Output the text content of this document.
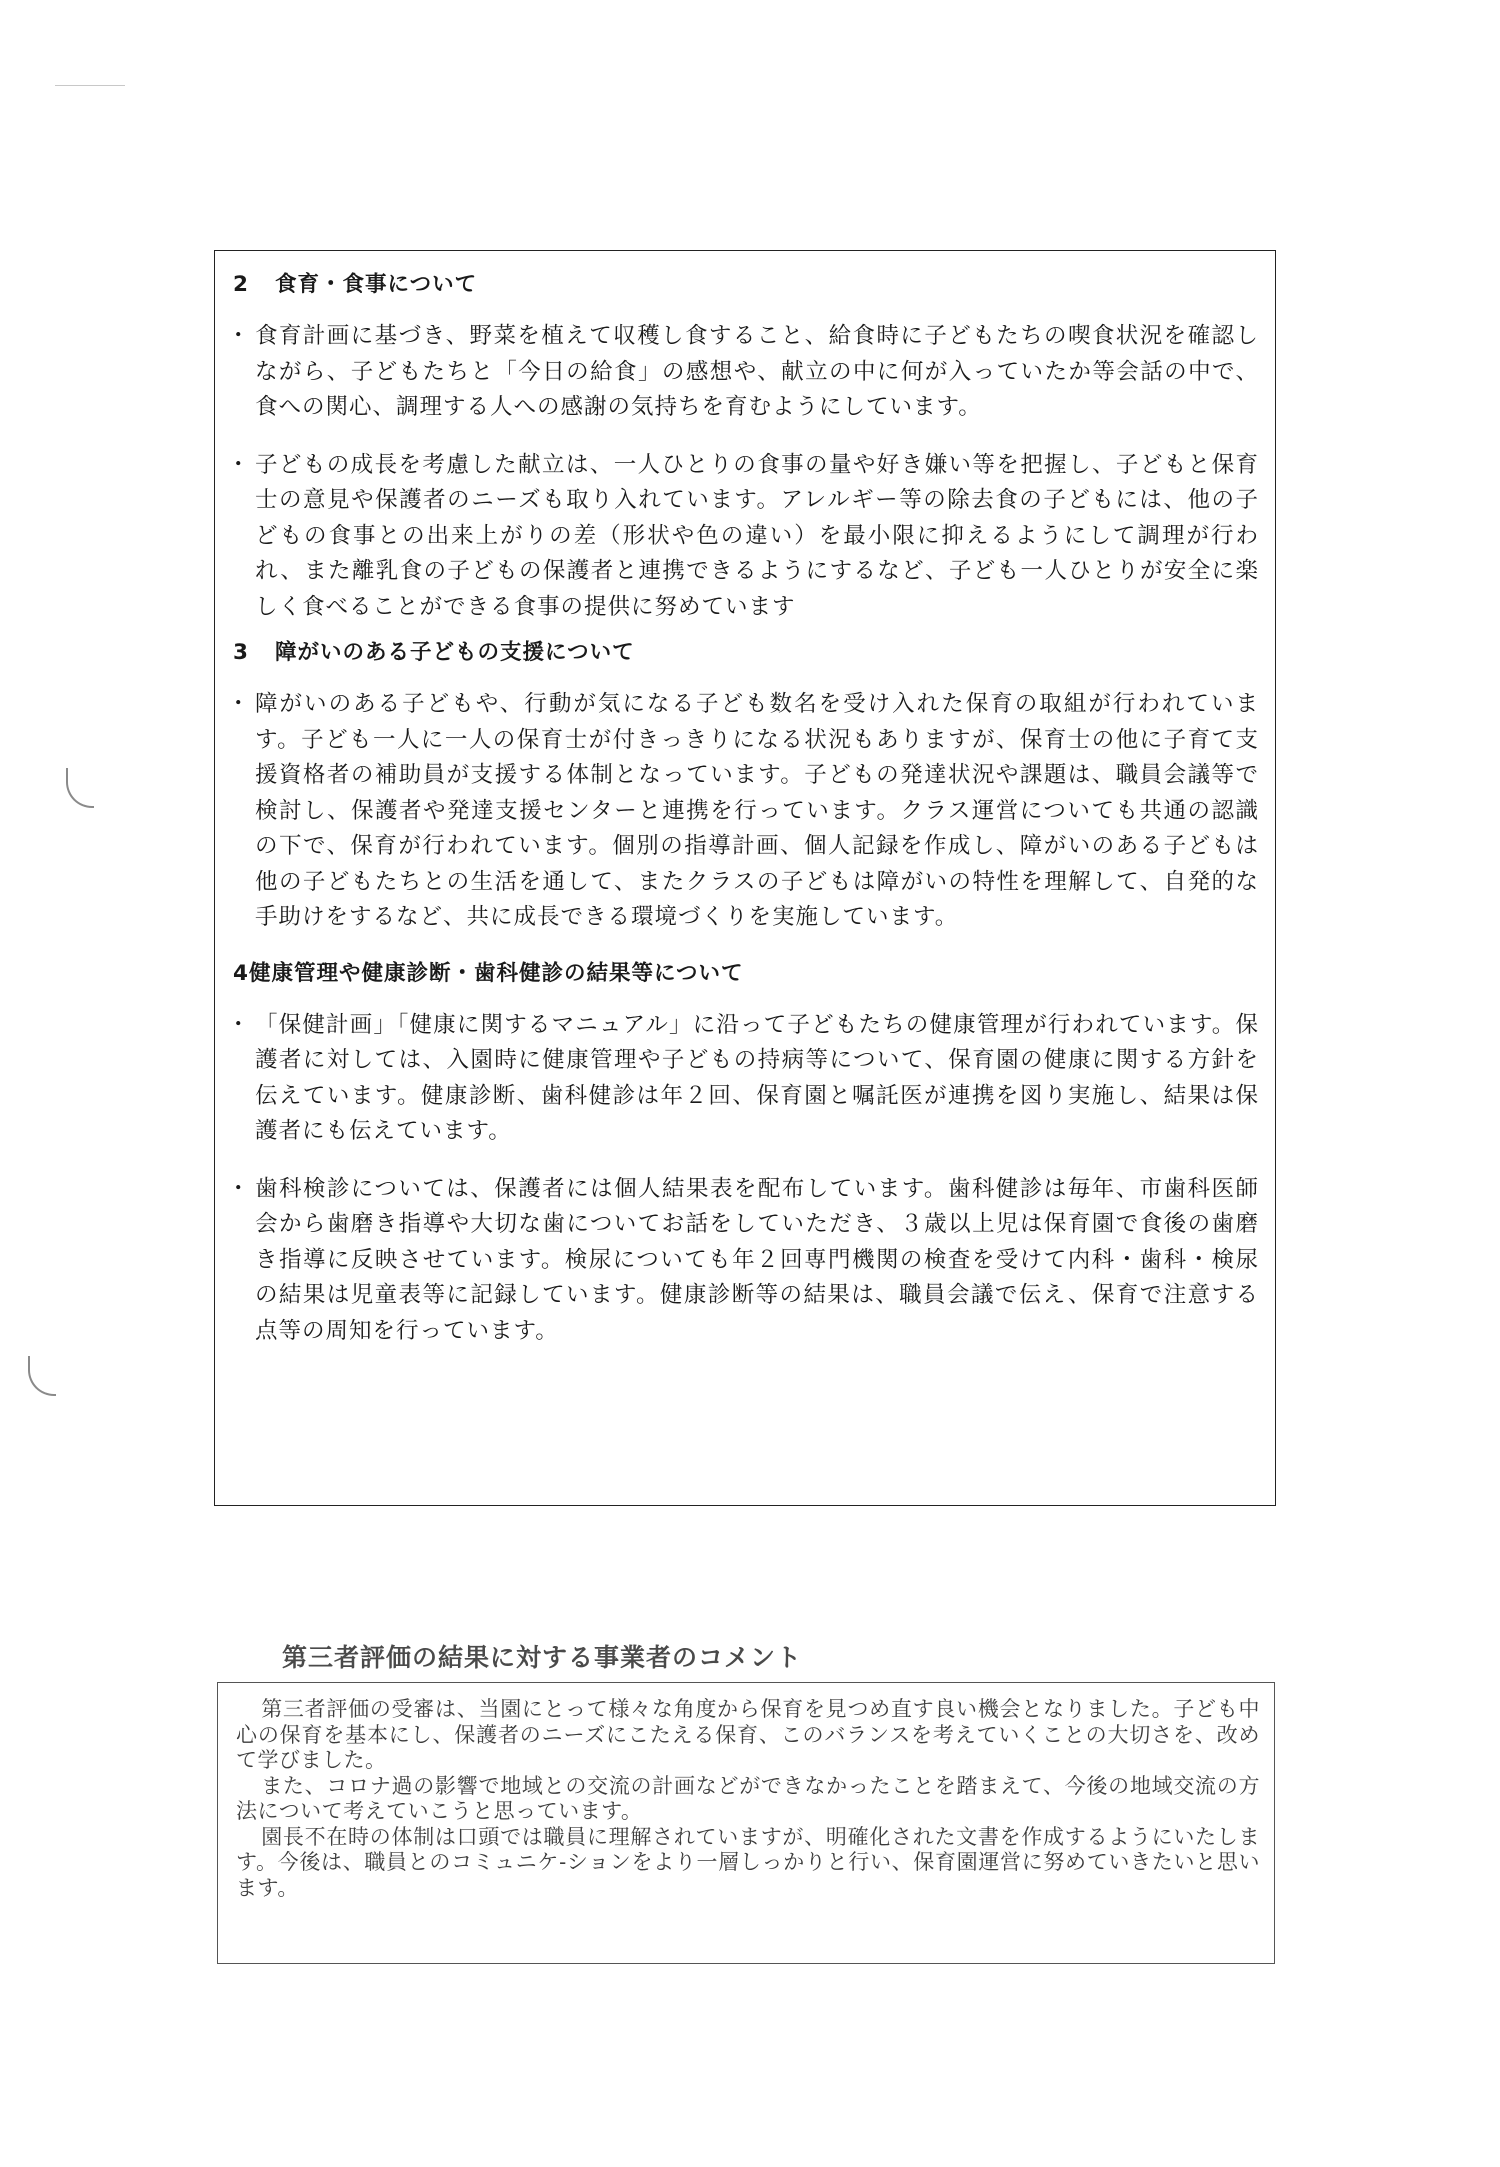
2 食育・食事について

・ 食育計画に基づき、野菜を植えて収穫し食すること、給食時に子どもたちの喫食状況を確認しながら、子どもたちと「今日の給食」の感想や、献立の中に何が入っていたか等会話の中で、食への関心、調理する人への感謝の気持ちを育むようにしています。

・ 子どもの成長を考慮した献立は、一人ひとりの食事の量や好き嫌い等を把握し、子どもと保育士の意見や保護者のニーズも取り入れています。アレルギー等の除去食の子どもには、他の子どもの食事との出来上がりの差（形状や色の違い）を最小限に抑えるようにして調理が行われ、また離乳食の子どもの保護者と連携できるようにするなど、子ども一人ひとりが安全に楽しく食べることができる食事の提供に努めています

3 障がいのある子どもの支援について

・ 障がいのある子どもや、行動が気になる子ども数名を受け入れた保育の取組が行われています。子ども一人に一人の保育士が付きっきりになる状況もありますが、保育士の他に子育て支援資格者の補助員が支援する体制となっています。子どもの発達状況や課題は、職員会議等で検討し、保護者や発達支援センターと連携を行っています。クラス運営についても共通の認識の下で、保育が行われています。個別の指導計画、個人記録を作成し、障がいのある子どもは他の子どもたちとの生活を通して、またクラスの子どもは障がいの特性を理解して、自発的な手助けをするなど、共に成長できる環境づくりを実施しています。

4健康管理や健康診断・歯科健診の結果等について

・ 「保健計画」「健康に関するマニュアル」に沿って子どもたちの健康管理が行われています。保護者に対しては、入園時に健康管理や子どもの持病等について、保育園の健康に関する方針を伝えています。健康診断、歯科健診は年２回、保育園と嘱託医が連携を図り実施し、結果は保護者にも伝えています。

・ 歯科検診については、保護者には個人結果表を配布しています。歯科健診は毎年、市歯科医師会から歯磨き指導や大切な歯についてお話をしていただき、３歳以上児は保育園で食後の歯磨き指導に反映させています。検尿についても年２回専門機関の検査を受けて内科・歯科・検尿の結果は児童表等に記録しています。健康診断等の結果は、職員会議で伝え、保育で注意する点等の周知を行っています。

第三者評価の結果に対する事業者のコメント

第三者評価の受審は、当園にとって様々な角度から保育を見つめ直す良い機会となりました。子ども中心の保育を基本にし、保護者のニーズにこたえる保育、このバランスを考えていくことの大切さを、改めて学びました。

また、コロナ過の影響で地域との交流の計画などができなかったことを踏まえて、今後の地域交流の方法について考えていこうと思っています。

園長不在時の体制は口頭では職員に理解されていますが、明確化された文書を作成するようにいたします。今後は、職員とのコミュニケ-ションをより一層しっかりと行い、保育園運営に努めていきたいと思います。
